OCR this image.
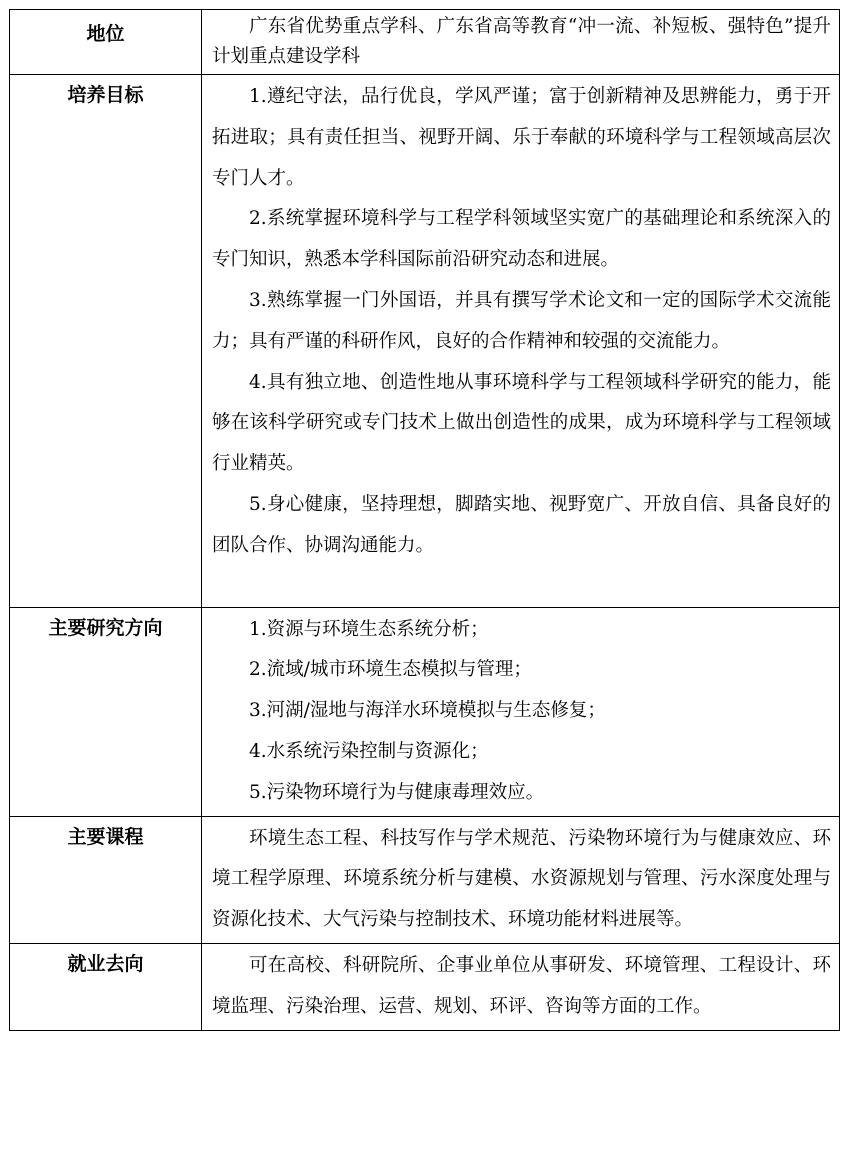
地位	广东省优势重点学科、广东省高等教育“冲一流、补短板、强特色”提升计划重点建设学科

培养目标	1.遵纪守法，品行优良，学风严谨；富于创新精神及思辨能力，勇于开拓进取；具有责任担当、视野开阔、乐于奉献的环境科学与工程领域高层次专门人才。

2.系统掌握环境科学与工程学科领域坚实宽广的基础理论和系统深入的专门知识，熟悉本学科国际前沿研究动态和进展。

3.熟练掌握一门外国语，并具有撰写学术论文和一定的国际学术交流能力；具有严谨的科研作风，良好的合作精神和较强的交流能力。

4.具有独立地、创造性地从事环境科学与工程领域科学研究的能力，能够在该科学研究或专门技术上做出创造性的成果，成为环境科学与工程领域行业精英。

5.身心健康，坚持理想，脚踏实地、视野宽广、开放自信、具备良好的团队合作、协调沟通能力。

主要研究方向	1.资源与环境生态系统分析；

2.流域/城市环境生态模拟与管理；

3.河湖/湿地与海洋水环境模拟与生态修复；

4.水系统污染控制与资源化；

5.污染物环境行为与健康毒理效应。

主要课程	环境生态工程、科技写作与学术规范、污染物环境行为与健康效应、环境工程学原理、环境系统分析与建模、水资源规划与管理、污水深度处理与资源化技术、大气污染与控制技术、环境功能材料进展等。

就业去向	可在高校、科研院所、企事业单位从事研发、环境管理、工程设计、环境监理、污染治理、运营、规划、环评、咨询等方面的工作。
